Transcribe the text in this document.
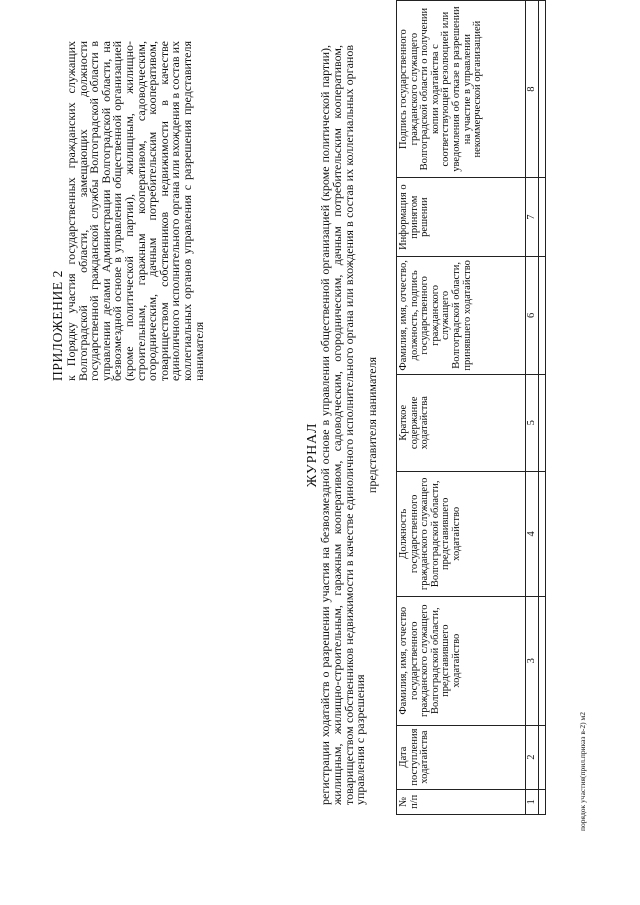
ПРИЛОЖЕНИЕ 2 к Порядку участия государственных гражданских служащих Волгоградской области, замещающих должности государственной гражданской службы Волгоградской области в управлении делами Администрации Волгоградской области, на безвозмездной основе в управлении общественной организацией (кроме политической партии), жилищным, жилищно-строительным, гаражным кооперативом, садоводческим, огородническим, дачным потребительским кооперативом, товариществом собственников недвижимости в качестве единоличного исполнительного органа или вхождения в состав их коллегиальных органов управления с разрешения представителя нанимателя
ЖУРНАЛ
регистрации ходатайств о разрешении участия на безвозмездной основе в управлении общественной организацией (кроме политической партии), жилищным, жилищно-строительным, гаражным кооперативом, садоводческим, огородническим, дачным потребительским кооперативом, товариществом собственников недвижимости в качестве единоличного исполнительного органа или вхождения в состав их коллегиальных органов управления с разрешения
представителя нанимателя
№ п/п	Дата поступления ходатайства	Фамилия, имя, отчество государственного гражданского служащего Волгоградской области, представившего ходатайство	Должность государственного гражданского служащего Волгоградской области, представившего ходатайство	Краткое содержание ходатайства	Фамилия, имя, отчество, должность, подпись государственного гражданского служащего Волгоградской области, принявшего ходатайство	Информация о принятом решении	Подпись государственного гражданского служащего Волгоградской области о получении копии ходатайства с соответствующей резолюцией или уведомления об отказе в разрешении на участие в управлении некоммерческой организацией
1	2	3	4	5	6	7	8

порядок участия(прил.приказ в-2) м2
